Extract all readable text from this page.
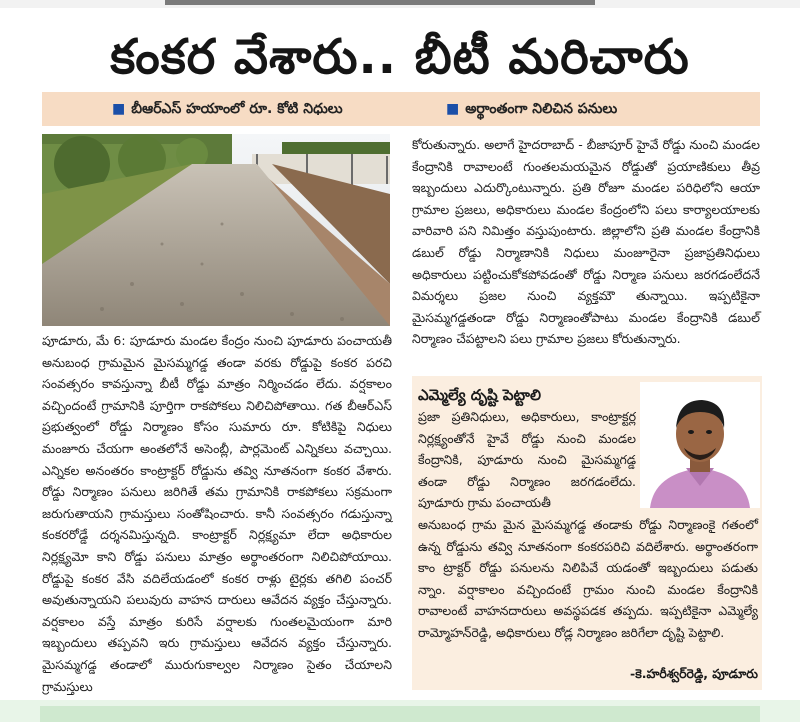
కంకర వేశారు.. బీటీ మరిచారు
■ బీఆర్ఎస్ హయాంలో రూ. కోటి నిధులు	■ అర్థాంతంగా నిలిచిన పనులు

పూడూరు, మే 6: పూడూరు మండల కేంద్రం నుంచి పూడూరు పంచాయతీ అనుబంధ గ్రామమైన మైసమ్మగడ్డ తండా వరకు రోడ్డుపై కంకర పరచి సంవత్సరం కావస్తున్నా బీటీ రోడ్డు మాత్రం నిర్మించడం లేదు. వర్షకాలం వచ్చిందంటే గ్రామానికి పూర్తిగా రాకపోకలు నిలిచిపోతాయి. గత బీఆర్ఎస్ ప్రభుత్వంలో రోడ్డు నిర్మాణం కోసం సుమారు రూ. కోటికిపై నిధులు మంజూరు చేయగా అంతలోనే అసెంబ్లీ, పార్లమెంట్ ఎన్నికలు వచ్చాయి. ఎన్నికల అనంతరం కాంట్రాక్టర్ రోడ్డును తవ్వి నూతనంగా కంకర వేశారు. రోడ్డు నిర్మాణం పనులు జరిగితే తమ గ్రామానికి రాకపోకలు సక్రమంగా జరుగుతాయని గ్రామస్తులు సంతోషించారు. కానీ సంవత్సరం గడుస్తున్నా కంకరరోడ్డే దర్శనమిస్తున్నది. కాంట్రాక్టర్ నిర్లక్ష్యమా లేదా అధికారుల నిర్లక్ష్యమో కాని రోడ్డు పనులు మాత్రం అర్థాంతరంగా నిలిచిపోయాయి. రోడ్డుపై కంకర వేసి వదిలేయడంలో కంకర రాళ్లు టైర్లకు తగిలి పంచర్ అవుతున్నాయని పలువురు వాహన దారులు ఆవేదన వ్యక్తం చేస్తున్నారు. వర్షకాలం వస్తే మాత్రం కురిసే వర్షాలకు గుంతలమైయంగా మారి ఇబ్బందులు తప్పవని ఇరు గ్రామస్తులు ఆవేదన వ్యక్తం చేస్తున్నారు. మైసమ్మగడ్డ తండాలో మురుగుకాల్వల నిర్మాణం సైతం చేయాలని గ్రామస్తులు

కోరుతున్నారు. అలాగే హైదరాబాద్ - బీజాపూర్ హైవే రోడ్డు నుంచి మండల కేంద్రానికి రావాలంటే గుంతలమయమైన రోడ్డుతో ప్రయాణికులు తీవ్ర ఇబ్బందులు ఎదుర్కొంటున్నారు. ప్రతి రోజూ మండల పరిధిలోని ఆయా గ్రామాల ప్రజలు, అధికారులు మండల కేంద్రంలోని పలు కార్యాలయాలకు వారివారి పని నిమిత్తం వస్తుపుంటారు. జిల్లాలోని ప్రతి మండల కేంద్రానికి డబుల్ రోడ్డు నిర్మాణానికి నిధులు మంజూరైనా ప్రజాప్రతినిధులు అధికారులు పట్టించుకోకపోవడంతో రోడ్డు నిర్మాణ పనులు జరగడంలేదనే విమర్శలు ప్రజల నుంచి వ్యక్తమౌ తున్నాయి. ఇప్పటికైనా మైసమ్మగడ్డతండా రోడ్డు నిర్మాణంతోపాటు మండల కేంద్రానికి డబుల్ నిర్మాణం చేపట్టాలని పలు గ్రామాల ప్రజలు కోరుతున్నారు.

ఎమ్మెల్యే దృష్టి పెట్టాలి

ప్రజా ప్రతినిధులు, అధికారులు, కాంట్రాక్టర్ల నిర్లక్ష్యంతోనే హైవే రోడ్డు నుంచి మండల కేంద్రానికి, పూడూరు నుంచి మైసమ్మగడ్డ తండా రోడ్డు నిర్మాణం జరగడంలేదు. పూడూరు గ్రామ పంచాయతీ

అనుబంధ గ్రామ మైన మైసమ్మగడ్డ తండాకు రోడ్డు నిర్మాణంకై గతంలో ఉన్న రోడ్డును తవ్వి నూతనంగా కంకరపరిచి వదిలేశారు. అర్థాంతరంగా కాం ట్రాక్టర్ రోడ్డు పనులను నిలిపివే యడంతో ఇబ్బందులు పడుతు న్నాం. వర్షాకాలం వచ్చిందంటే గ్రామం నుంచి మండల కేంద్రానికి రావాలంటే వాహనదారులు అవస్థపడక తప్పదు. ఇప్పటికైనా ఎమ్మెల్యే రామ్మోహన్‌రెడ్డి, అధికారులు రోడ్ల నిర్మాణం జరిగేలా దృష్టి పెట్టాలి.

-కె.హరీశ్వర్‌రెడ్డి, పూడూరు
